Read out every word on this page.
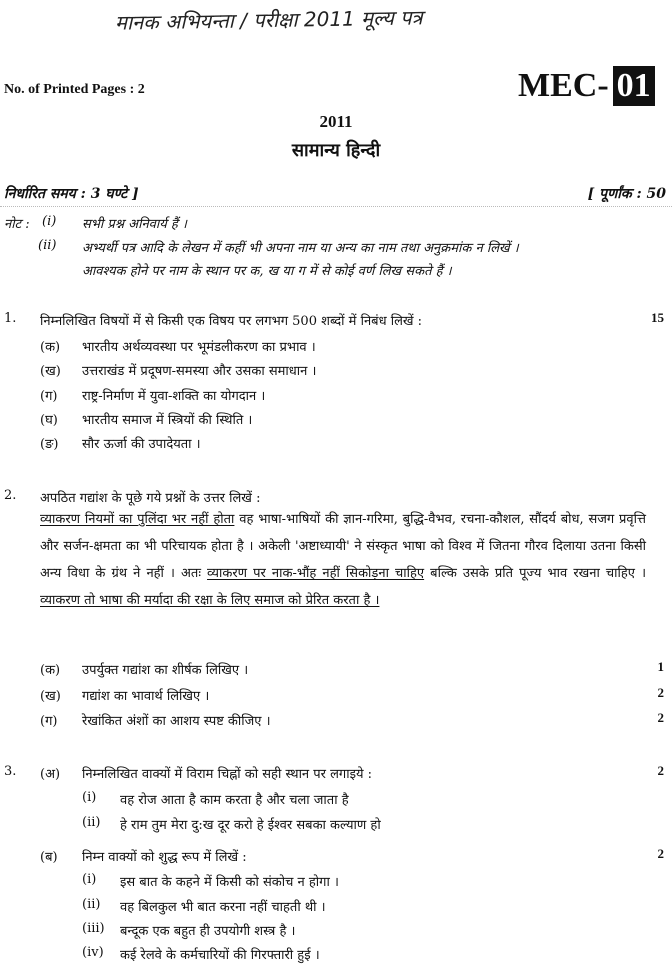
मानक अभियन्ता / परीक्षा 2011 मूल्य पत्र
No. of Printed Pages : 2	MEC- 01
2011
सामान्य हिन्दी
निर्धारित समय : 3 घण्टे ]	[ पूर्णांक : 50
नोट : (i) सभी प्रश्न अनिवार्य हैं ।
(ii) अभ्यर्थी पत्र आदि के लेखन में कहीं भी अपना नाम या अन्य का नाम तथा अनुक्रमांक न लिखें ।
आवश्यक होने पर नाम के स्थान पर क, ख या ग में से कोई वर्ण लिख सकते हैं ।
1. निम्नलिखित विषयों में से किसी एक विषय पर लगभग 500 शब्दों में निबंध लिखें :	15
(क) भारतीय अर्थव्यवस्था पर भूमंडलीकरण का प्रभाव ।
(ख) उत्तराखंड में प्रदूषण-समस्या और उसका समाधान ।
(ग) राष्ट्र-निर्माण में युवा-शक्ति का योगदान ।
(घ) भारतीय समाज में स्त्रियों की स्थिति ।
(ङ) सौर ऊर्जा की उपादेयता ।
2. अपठित गद्यांश के पूछे गये प्रश्नों के उत्तर लिखें :
व्याकरण नियमों का पुलिंदा भर नहीं होता वह भाषा-भाषियों की ज्ञान-गरिमा, बुद्धि-वैभव, रचना-कौशल, सौंदर्य बोध, सजग प्रवृत्ति और सर्जन-क्षमता का भी परिचायक होता है । अकेली 'अष्टाध्यायी' ने संस्कृत भाषा को विश्व में जितना गौरव दिलाया उतना किसी अन्य विधा के ग्रंथ ने नहीं । अतः व्याकरण पर नाक-भौंह नहीं सिकोड़ना चाहिए बल्कि उसके प्रति पूज्य भाव रखना चाहिए । व्याकरण तो भाषा की मर्यादा की रक्षा के लिए समाज को प्रेरित करता है ।
(क) उपर्युक्त गद्यांश का शीर्षक लिखिए ।	1
(ख) गद्यांश का भावार्थ लिखिए ।	2
(ग) रेखांकित अंशों का आशय स्पष्ट कीजिए ।	2
3. (अ) निम्नलिखित वाक्यों में विराम चिह्नों को सही स्थान पर लगाइये :	2
(i) वह रोज आता है काम करता है और चला जाता है
(ii) हे राम तुम मेरा दु:ख दूर करो हे ईश्वर सबका कल्याण हो
(ब) निम्न वाक्यों को शुद्ध रूप में लिखें :	2
(i) इस बात के कहने में किसी को संकोच न होगा ।
(ii) वह बिलकुल भी बात करना नहीं चाहती थी ।
(iii) बन्दूक एक बहुत ही उपयोगी शस्त्र है ।
(iv) कई रेलवे के कर्मचारियों की गिरफ्तारी हुई ।
